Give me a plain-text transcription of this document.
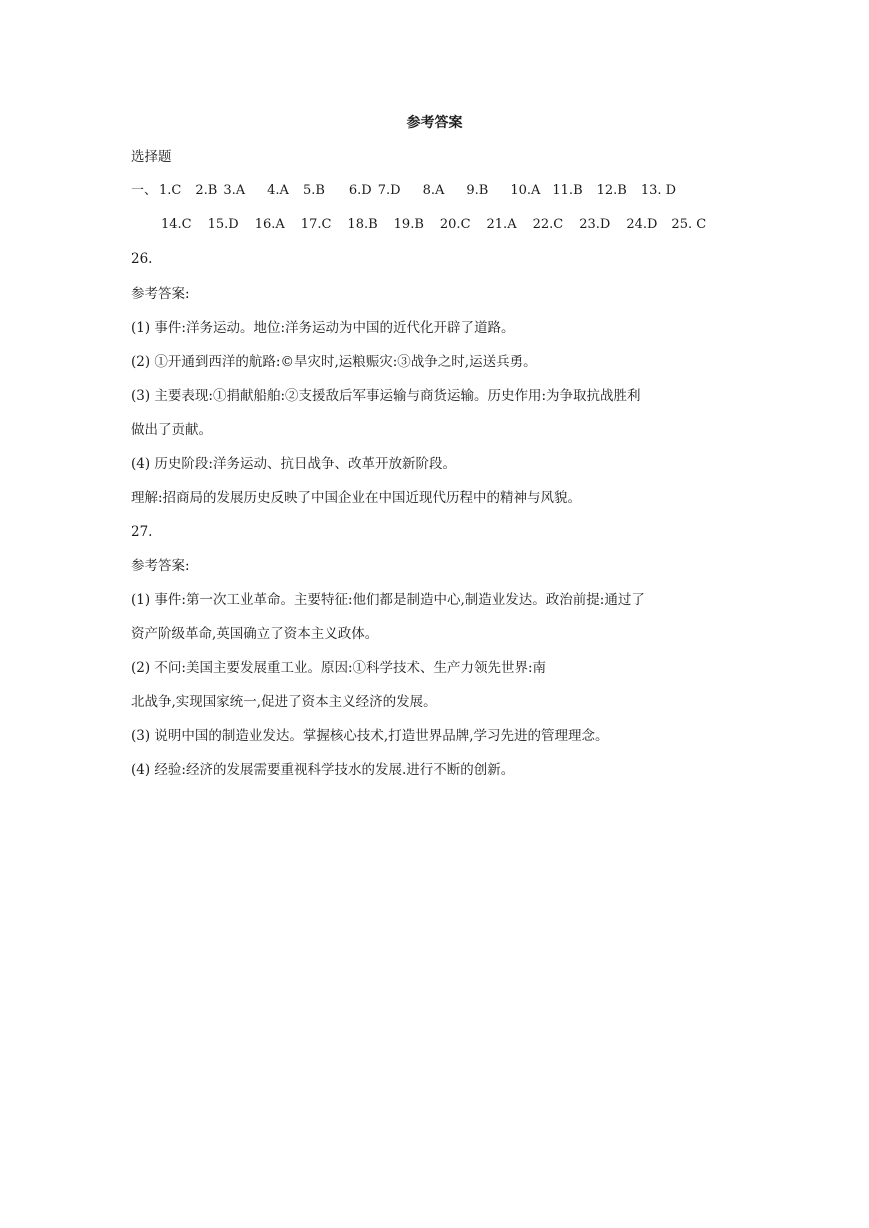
参考答案
选择题
一、 1.C 2.B 3.A 4.A 5.B 6.D 7.D 8.A 9.B 10.A 11.B 12.B 13. D
14.C 15.D 16.A 17.C 18.B 19.B 20.C 21.A 22.C 23.D 24.D 25. C
26.
参考答案:
(1) 事件:洋务运动。地位:洋务运动为中国的近代化开辟了道路。
(2) ①开通到西洋的航路:©旱灾时,运粮赈灾:③战争之时,运送兵勇。
(3) 主要表现:①捐献船舶:②支援敌后军事运输与商货运输。历史作用:为争取抗战胜利
做出了贡献。
(4) 历史阶段:洋务运动、抗日战争、改革开放新阶段。
理解:招商局的发展历史反映了中国企业在中国近现代历程中的精神与风貌。
27.
参考答案:
(1) 事件:第一次工业革命。主要特征:他们都是制造中心,制造业发达。政治前提:通过了
资产阶级革命,英国确立了资本主义政体。
(2) 不问:美国主要发展重工业。原因:①科学技术、生产力领先世界:南
北战争,实现国家统一,促进了资本主义经济的发展。
(3) 说明中国的制造业发达。掌握核心技术,打造世界品牌,学习先进的管理理念。
(4) 经验:经济的发展需要重视科学技水的发展.进行不断的创新。
